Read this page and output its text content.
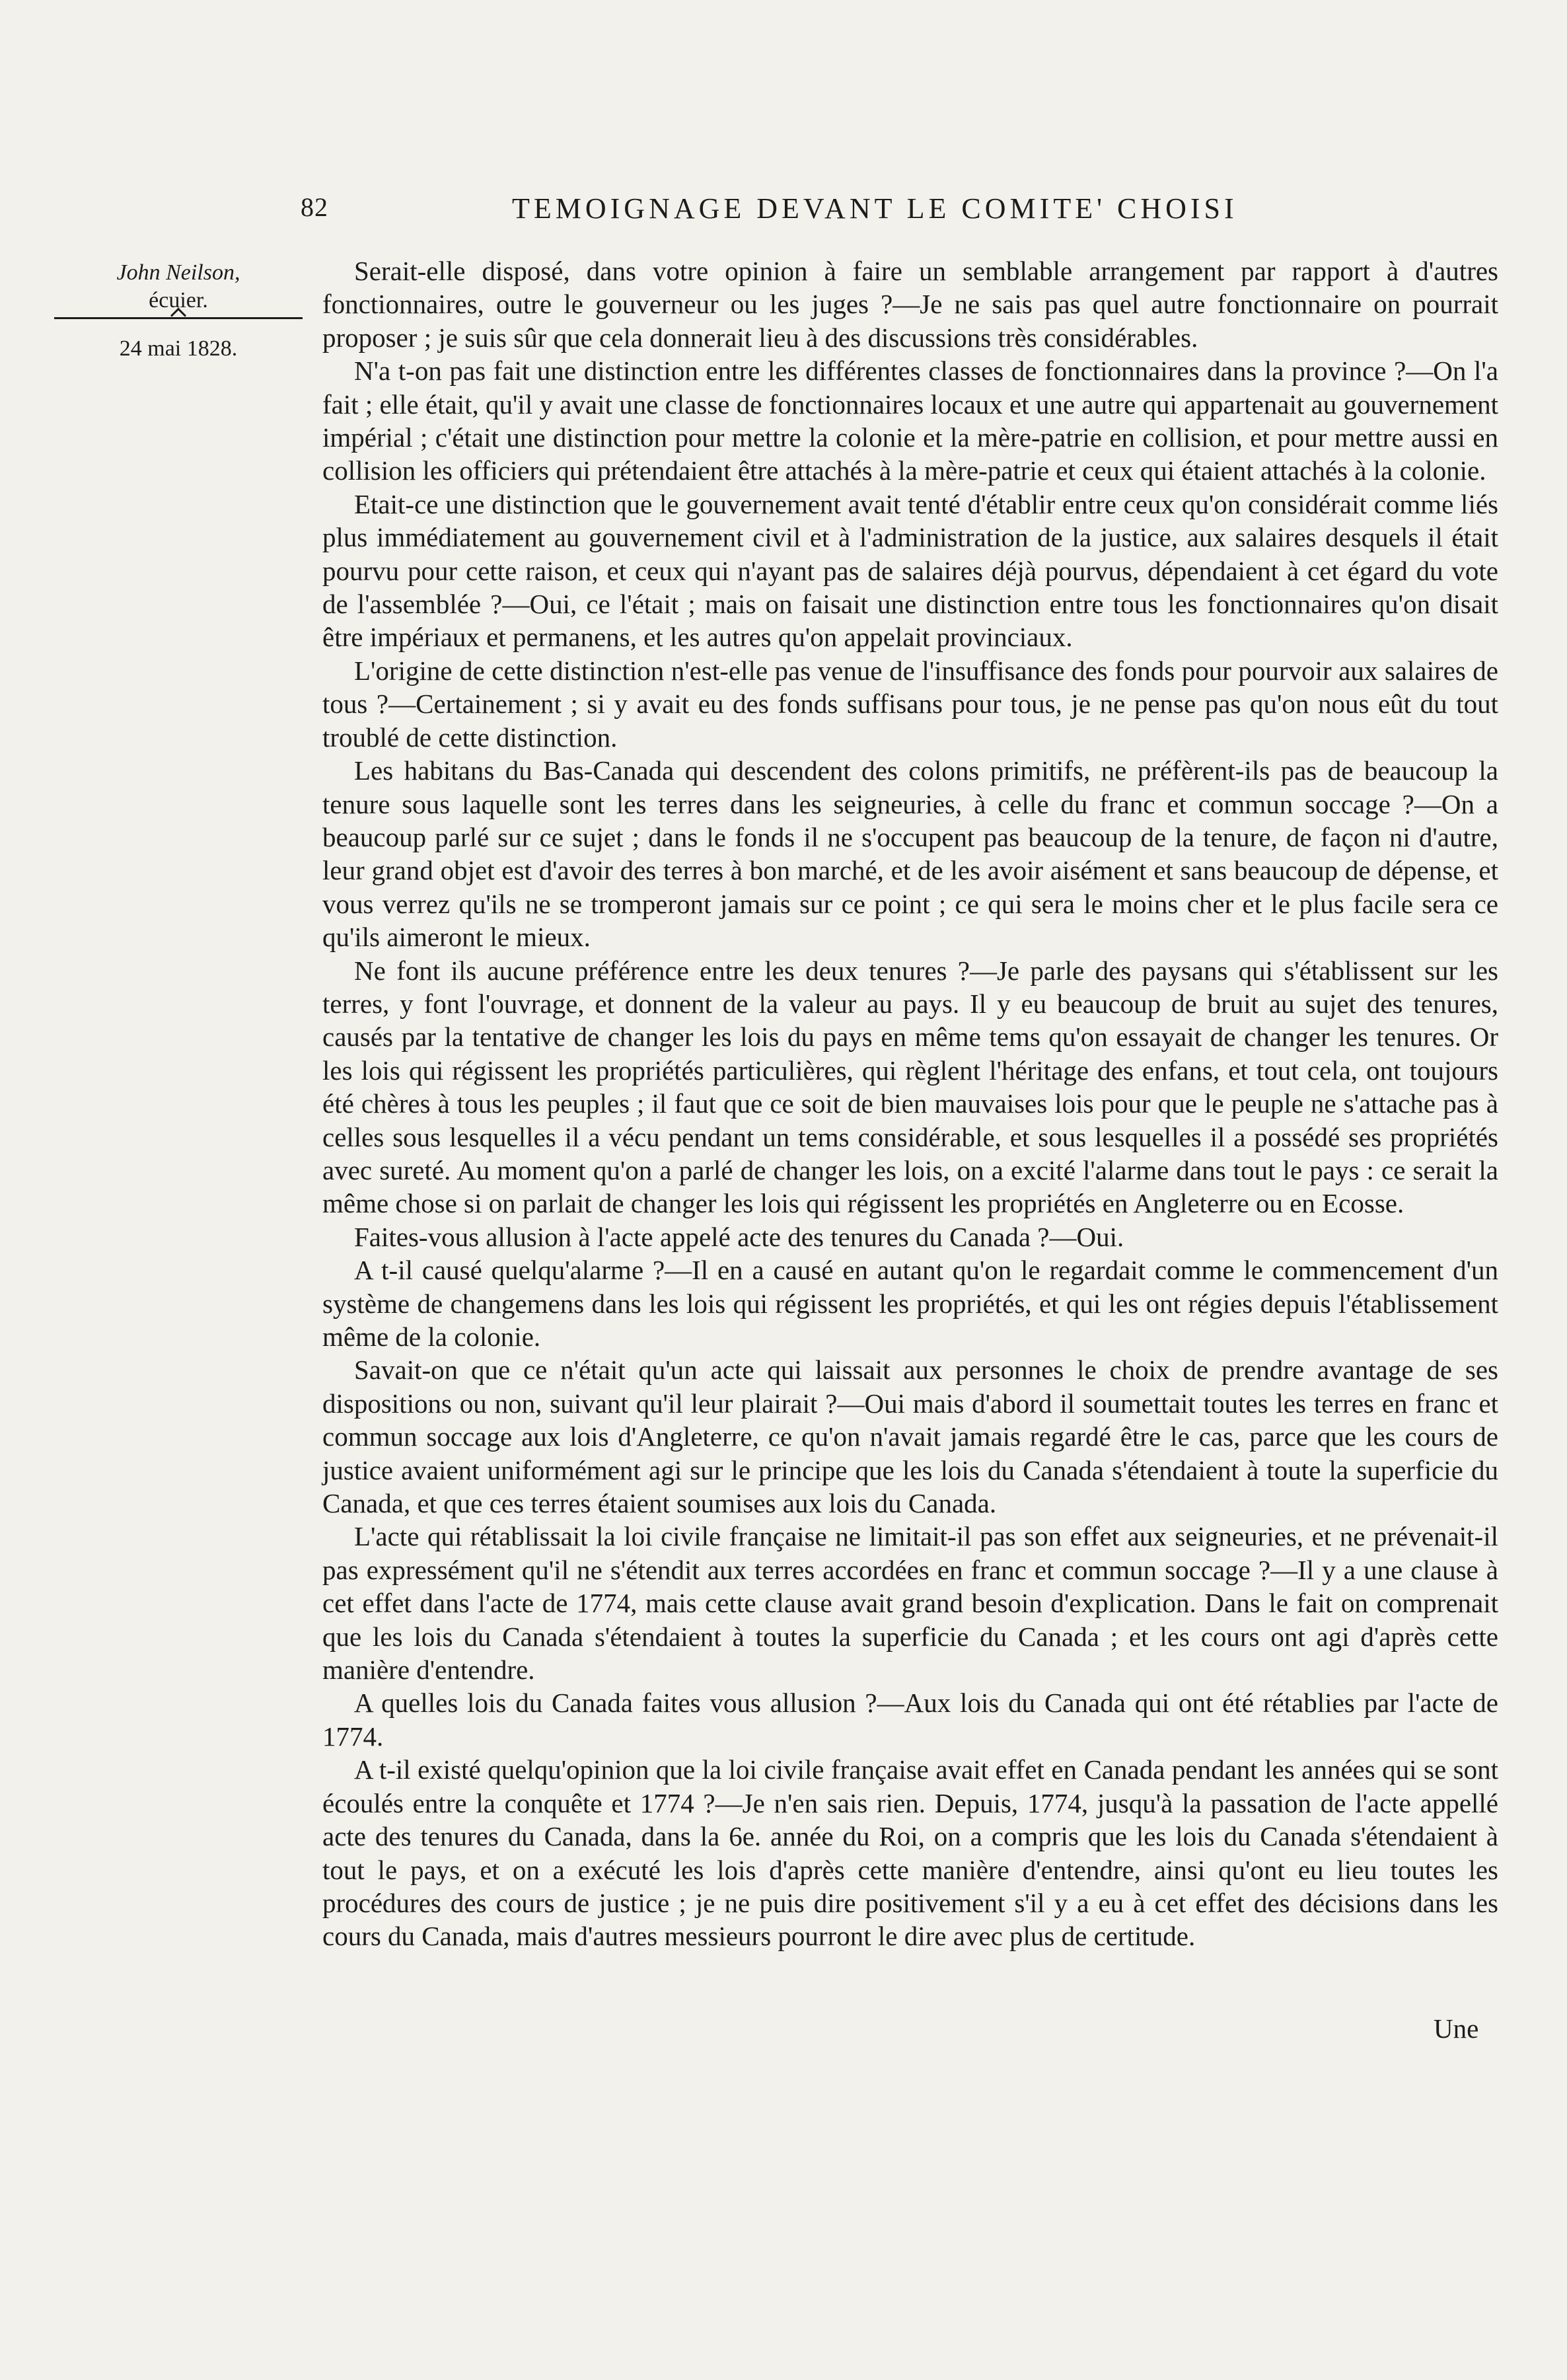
82	TEMOIGNAGE DEVANT LE COMITE' CHOISI
John Neilson,
écuier.
24 mai 1828.

Serait-elle disposé, dans votre opinion à faire un semblable arrangement par rapport à d'autres fonctionnaires, outre le gouverneur ou les juges ?—Je ne sais pas quel autre fonctionnaire on pourrait proposer ; je suis sûr que cela donnerait lieu à des discussions très considérables.

N'a t-on pas fait une distinction entre les différentes classes de fonctionnaires dans la province ?—On l'a fait ; elle était, qu'il y avait une classe de fonctionnaires locaux et une autre qui appartenait au gouvernement impérial ; c'était une distinction pour mettre la colonie et la mère-patrie en collision, et pour mettre aussi en collision les officiers qui prétendaient être attachés à la mère-patrie et ceux qui étaient attachés à la colonie.

Etait-ce une distinction que le gouvernement avait tenté d'établir entre ceux qu'on considérait comme liés plus immédiatement au gouvernement civil et à l'administration de la justice, aux salaires desquels il était pourvu pour cette raison, et ceux qui n'ayant pas de salaires déjà pourvus, dépendaient à cet égard du vote de l'assemblée ?—Oui, ce l'était ; mais on faisait une distinction entre tous les fonctionnaires qu'on disait être impériaux et permanens, et les autres qu'on appelait provinciaux.

L'origine de cette distinction n'est-elle pas venue de l'insuffisance des fonds pour pourvoir aux salaires de tous ?—Certainement ; si y avait eu des fonds suffisans pour tous, je ne pense pas qu'on nous eût du tout troublé de cette distinction.

Les habitans du Bas-Canada qui descendent des colons primitifs, ne préfèrent-ils pas de beaucoup la tenure sous laquelle sont les terres dans les seigneuries, à celle du franc et commun soccage ?—On a beaucoup parlé sur ce sujet ; dans le fonds il ne s'occupent pas beaucoup de la tenure, de façon ni d'autre, leur grand objet est d'avoir des terres à bon marché, et de les avoir aisément et sans beaucoup de dépense, et vous verrez qu'ils ne se tromperont jamais sur ce point ; ce qui sera le moins cher et le plus facile sera ce qu'ils aimeront le mieux.

Ne font ils aucune préférence entre les deux tenures ?—Je parle des paysans qui s'établissent sur les terres, y font l'ouvrage, et donnent de la valeur au pays. Il y eu beaucoup de bruit au sujet des tenures, causés par la tentative de changer les lois du pays en même tems qu'on essayait de changer les tenures. Or les lois qui régissent les propriétés particulières, qui règlent l'héritage des enfans, et tout cela, ont toujours été chères à tous les peuples ; il faut que ce soit de bien mauvaises lois pour que le peuple ne s'attache pas à celles sous lesquelles il a vécu pendant un tems considérable, et sous lesquelles il a possédé ses propriétés avec sureté. Au moment qu'on a parlé de changer les lois, on a excité l'alarme dans tout le pays : ce serait la même chose si on parlait de changer les lois qui régissent les propriétés en Angleterre ou en Ecosse.

Faites-vous allusion à l'acte appelé acte des tenures du Canada ?—Oui.

A t-il causé quelqu'alarme ?—Il en a causé en autant qu'on le regardait comme le commencement d'un système de changemens dans les lois qui régissent les propriétés, et qui les ont régies depuis l'établissement même de la colonie.

Savait-on que ce n'était qu'un acte qui laissait aux personnes le choix de prendre avantage de ses dispositions ou non, suivant qu'il leur plairait ?—Oui mais d'abord il soumettait toutes les terres en franc et commun soccage aux lois d'Angleterre, ce qu'on n'avait jamais regardé être le cas, parce que les cours de justice avaient uniformément agi sur le principe que les lois du Canada s'étendaient à toute la superficie du Canada, et que ces terres étaient soumises aux lois du Canada.

L'acte qui rétablissait la loi civile française ne limitait-il pas son effet aux seigneuries, et ne prévenait-il pas expressément qu'il ne s'étendit aux terres accordées en franc et commun soccage ?—Il y a une clause à cet effet dans l'acte de 1774, mais cette clause avait grand besoin d'explication. Dans le fait on comprenait que les lois du Canada s'étendaient à toutes la superficie du Canada ; et les cours ont agi d'après cette manière d'entendre.

A quelles lois du Canada faites vous allusion ?—Aux lois du Canada qui ont été rétablies par l'acte de 1774.

A t-il existé quelqu'opinion que la loi civile française avait effet en Canada pendant les années qui se sont écoulés entre la conquête et 1774 ?—Je n'en sais rien. Depuis, 1774, jusqu'à la passation de l'acte appellé acte des tenures du Canada, dans la 6e. année du Roi, on a compris que les lois du Canada s'étendaient à tout le pays, et on a exécuté les lois d'après cette manière d'entendre, ainsi qu'ont eu lieu toutes les procédures des cours de justice ; je ne puis dire positivement s'il y a eu à cet effet des décisions dans les cours du Canada, mais d'autres messieurs pourront le dire avec plus de certitude.

Une
